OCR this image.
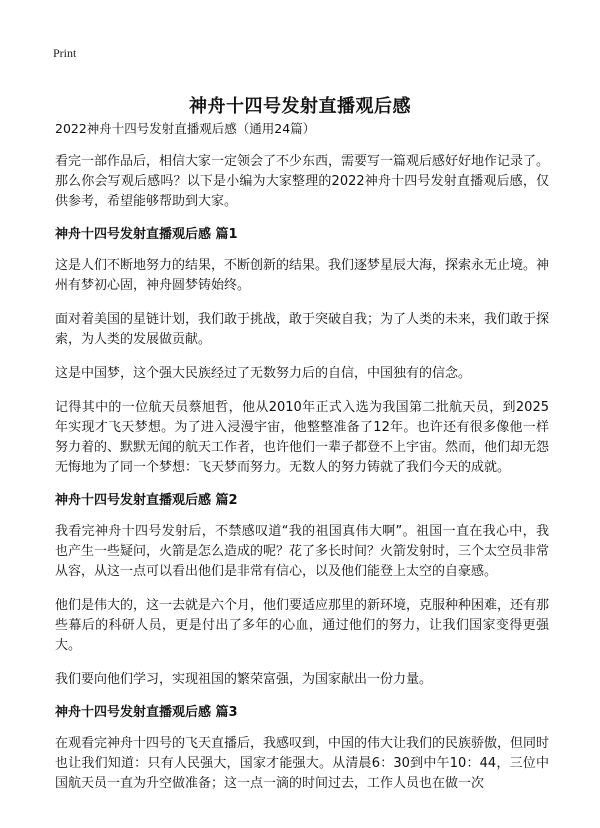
Print
神舟十四号发射直播观后感
2022神舟十四号发射直播观后感（通用24篇）

看完一部作品后，相信大家一定领会了不少东西，需要写一篇观后感好好地作记录了。那么你会写观后感吗？以下是小编为大家整理的2022神舟十四号发射直播观后感，仅供参考，希望能够帮助到大家。

神舟十四号发射直播观后感 篇1

这是人们不断地努力的结果，不断创新的结果。我们逐梦星辰大海，探索永无止境。神州有梦初心固，神舟圆梦铸始终。

面对着美国的星链计划，我们敢于挑战，敢于突破自我；为了人类的未来，我们敢于探索，为人类的发展做贡献。

这是中国梦，这个强大民族经过了无数努力后的自信，中国独有的信念。

记得其中的一位航天员蔡旭哲，他从2010年正式入选为我国第二批航天员，到2025年实现才飞天梦想。为了进入浸漫宇宙，他整整准备了12年。也许还有很多像他一样努力着的、默默无闻的航天工作者，也许他们一辈子都登不上宇宙。然而，他们却无怨无悔地为了同一个梦想：飞天梦而努力。无数人的努力铸就了我们今天的成就。

神舟十四号发射直播观后感 篇2

我看完神舟十四号发射后，不禁感叹道“我的祖国真伟大啊”。祖国一直在我心中，我也产生一些疑问，火箭是怎么造成的呢？花了多长时间？火箭发射时，三个太空员非常从容，从这一点可以看出他们是非常有信心，以及他们能登上太空的自豪感。

他们是伟大的，这一去就是六个月，他们要适应那里的新环境，克服种种困难，还有那些幕后的科研人员，更是付出了多年的心血，通过他们的努力，让我们国家变得更强大。

我们要向他们学习，实现祖国的繁荣富强，为国家献出一份力量。

神舟十四号发射直播观后感 篇3

在观看完神舟十四号的飞天直播后，我感叹到，中国的伟大让我们的民族骄傲，但同时也让我们知道：只有人民强大，国家才能强大。从清晨6：30到中午10：44，三位中国航天员一直为升空做准备；这一点一滴的时间过去，工作人员也在做一次
